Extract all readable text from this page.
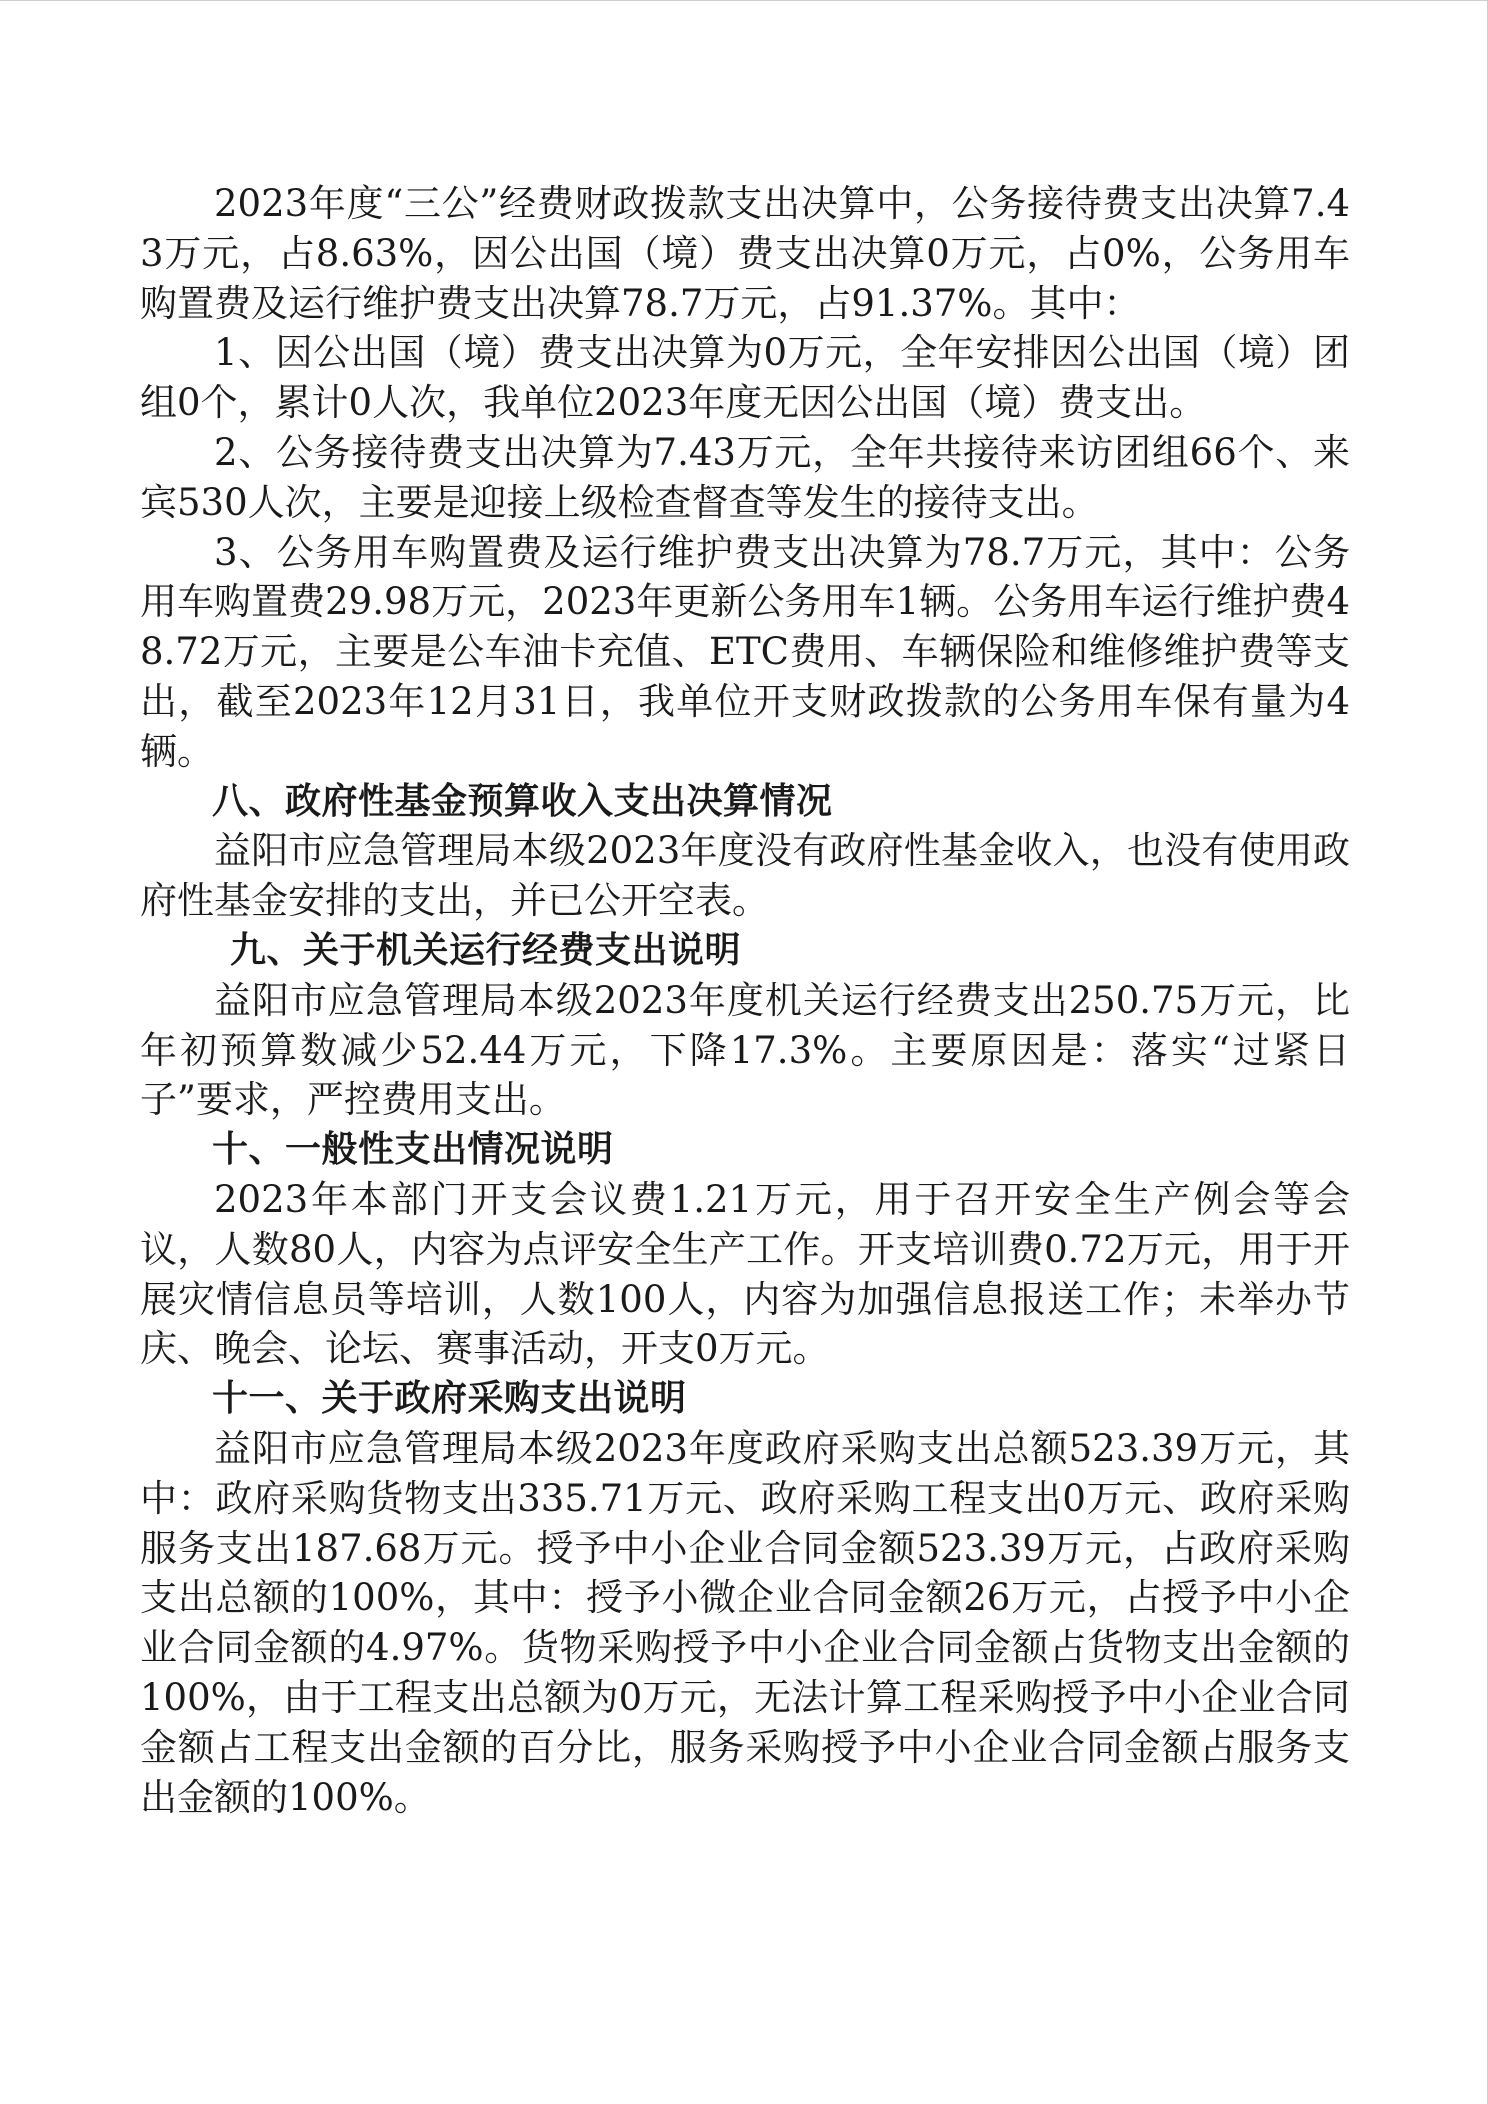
2023年度“三公”经费财政拨款支出决算中，公务接待费支出决算7.43万元，占8.63%，因公出国（境）费支出决算0万元，占0%，公务用车购置费及运行维护费支出决算78.7万元，占91.37%。其中：

1、因公出国（境）费支出决算为0万元，全年安排因公出国（境）团组0个，累计0人次，我单位2023年度无因公出国（境）费支出。

2、公务接待费支出决算为7.43万元，全年共接待来访团组66个、来宾530人次，主要是迎接上级检查督查等发生的接待支出。

3、公务用车购置费及运行维护费支出决算为78.7万元，其中：公务用车购置费29.98万元，2023年更新公务用车1辆。公务用车运行维护费48.72万元，主要是公车油卡充值、ETC费用、车辆保险和维修维护费等支出，截至2023年12月31日，我单位开支财政拨款的公务用车保有量为4辆。

八、政府性基金预算收入支出决算情况

益阳市应急管理局本级2023年度没有政府性基金收入，也没有使用政府性基金安排的支出，并已公开空表。

九、关于机关运行经费支出说明

益阳市应急管理局本级2023年度机关运行经费支出250.75万元，比年初预算数减少52.44万元，下降17.3%。主要原因是：落实“过紧日子”要求，严控费用支出。

十、一般性支出情况说明

2023年本部门开支会议费1.21万元，用于召开安全生产例会等会议，人数80人，内容为点评安全生产工作。开支培训费0.72万元，用于开展灾情信息员等培训，人数100人，内容为加强信息报送工作；未举办节庆、晚会、论坛、赛事活动，开支0万元。

十一、关于政府采购支出说明

益阳市应急管理局本级2023年度政府采购支出总额523.39万元，其中：政府采购货物支出335.71万元、政府采购工程支出0万元、政府采购服务支出187.68万元。授予中小企业合同金额523.39万元，占政府采购支出总额的100%，其中：授予小微企业合同金额26万元，占授予中小企业合同金额的4.97%。货物采购授予中小企业合同金额占货物支出金额的100%，由于工程支出总额为0万元，无法计算工程采购授予中小企业合同金额占工程支出金额的百分比，服务采购授予中小企业合同金额占服务支出金额的100%。
